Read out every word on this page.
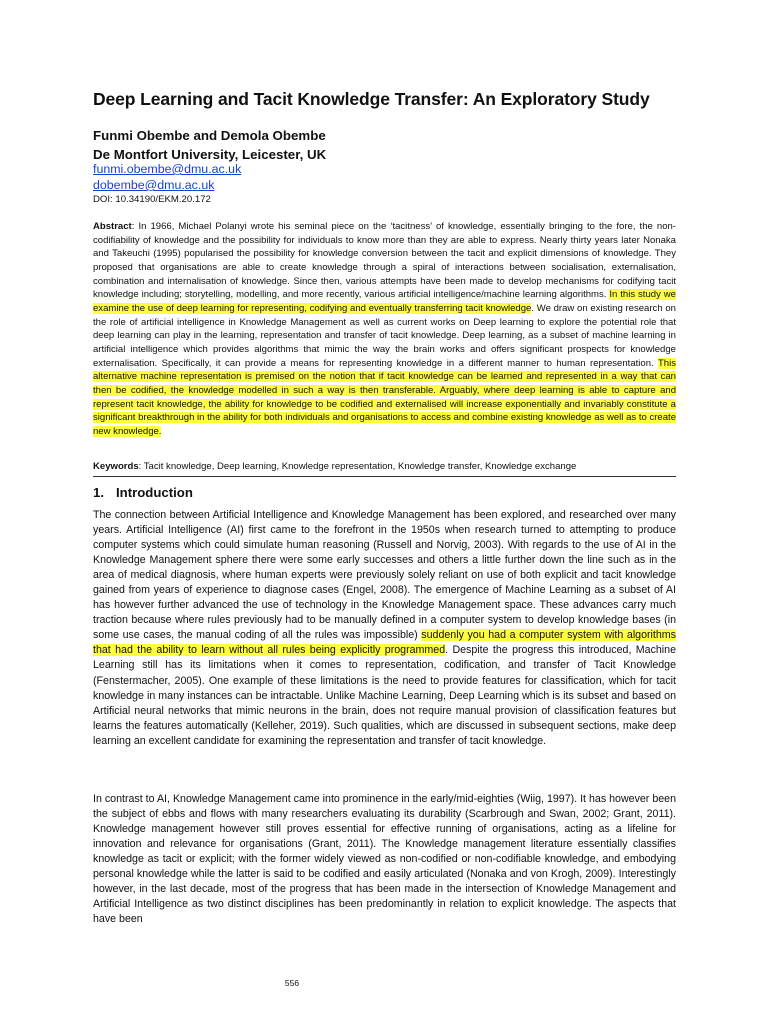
Deep Learning and Tacit Knowledge Transfer: An Exploratory Study
Funmi Obembe and Demola Obembe
De Montfort University, Leicester, UK
funmi.obembe@dmu.ac.uk
dobembe@dmu.ac.uk
DOI: 10.34190/EKM.20.172
Abstract: In 1966, Michael Polanyi wrote his seminal piece on the ‘tacitness’ of knowledge, essentially bringing to the fore, the non-codifiability of knowledge and the possibility for individuals to know more than they are able to express. Nearly thirty years later Nonaka and Takeuchi (1995) popularised the possibility for knowledge conversion between the tacit and explicit dimensions of knowledge. They proposed that organisations are able to create knowledge through a spiral of interactions between socialisation, externalisation, combination and internalisation of knowledge. Since then, various attempts have been made to develop mechanisms for codifying tacit knowledge including; storytelling, modelling, and more recently, various artificial intelligence/machine learning algorithms. In this study we examine the use of deep learning for representing, codifying and eventually transferring tacit knowledge. We draw on existing research on the role of artificial intelligence in Knowledge Management as well as current works on Deep learning to explore the potential role that deep learning can play in the learning, representation and transfer of tacit knowledge. Deep learning, as a subset of machine learning in artificial intelligence which provides algorithms that mimic the way the brain works and offers significant prospects for knowledge externalisation. Specifically, it can provide a means for representing knowledge in a different manner to human representation. This alternative machine representation is premised on the notion that if tacit knowledge can be learned and represented in a way that can then be codified, the knowledge modelled in such a way is then transferable. Arguably, where deep learning is able to capture and represent tacit knowledge, the ability for knowledge to be codified and externalised will increase exponentially and invariably constitute a significant breakthrough in the ability for both individuals and organisations to access and combine existing knowledge as well as to create new knowledge.
Keywords: Tacit knowledge, Deep learning, Knowledge representation, Knowledge transfer, Knowledge exchange
1. Introduction
The connection between Artificial Intelligence and Knowledge Management has been explored, and researched over many years. Artificial Intelligence (AI) first came to the forefront in the 1950s when research turned to attempting to produce computer systems which could simulate human reasoning (Russell and Norvig, 2003). With regards to the use of AI in the Knowledge Management sphere there were some early successes and others a little further down the line such as in the area of medical diagnosis, where human experts were previously solely reliant on use of both explicit and tacit knowledge gained from years of experience to diagnose cases (Engel, 2008). The emergence of Machine Learning as a subset of AI has however further advanced the use of technology in the Knowledge Management space. These advances carry much traction because where rules previously had to be manually defined in a computer system to develop knowledge bases (in some use cases, the manual coding of all the rules was impossible) suddenly you had a computer system with algorithms that had the ability to learn without all rules being explicitly programmed. Despite the progress this introduced, Machine Learning still has its limitations when it comes to representation, codification, and transfer of Tacit Knowledge (Fenstermacher, 2005). One example of these limitations is the need to provide features for classification, which for tacit knowledge in many instances can be intractable. Unlike Machine Learning, Deep Learning which is its subset and based on Artificial neural networks that mimic neurons in the brain, does not require manual provision of classification features but learns the features automatically (Kelleher, 2019). Such qualities, which are discussed in subsequent sections, make deep learning an excellent candidate for examining the representation and transfer of tacit knowledge.
In contrast to AI, Knowledge Management came into prominence in the early/mid-eighties (Wiig, 1997). It has however been the subject of ebbs and flows with many researchers evaluating its durability (Scarbrough and Swan, 2002; Grant, 2011). Knowledge management however still proves essential for effective running of organisations, acting as a lifeline for innovation and relevance for organisations (Grant, 2011). The Knowledge management literature essentially classifies knowledge as tacit or explicit; with the former widely viewed as non-codified or non-codifiable knowledge, and embodying personal knowledge while the latter is said to be codified and easily articulated (Nonaka and von Krogh, 2009). Interestingly however, in the last decade, most of the progress that has been made in the intersection of Knowledge Management and Artificial Intelligence as two distinct disciplines has been predominantly in relation to explicit knowledge. The aspects that have been
556
